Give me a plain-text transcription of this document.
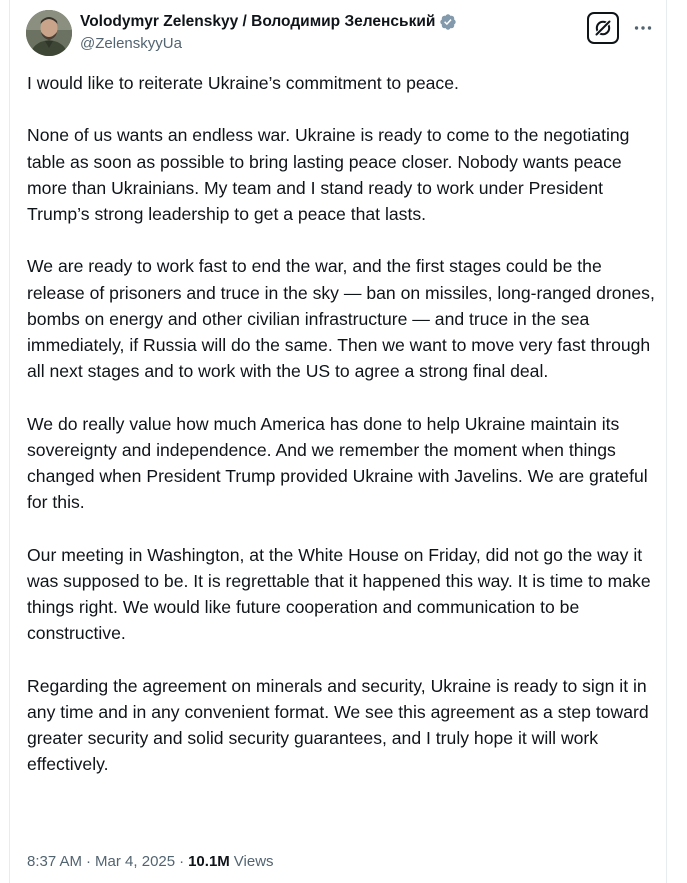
Volodymyr Zelenskyy / Володимир Зеленський
@ZelenskyyUa

I would like to reiterate Ukraine’s commitment to peace.

None of us wants an endless war. Ukraine is ready to come to the negotiating table as soon as possible to bring lasting peace closer. Nobody wants peace more than Ukrainians. My team and I stand ready to work under President Trump’s strong leadership to get a peace that lasts.

We are ready to work fast to end the war, and the first stages could be the release of prisoners and truce in the sky — ban on missiles, long-ranged drones, bombs on energy and other civilian infrastructure — and truce in the sea immediately, if Russia will do the same. Then we want to move very fast through all next stages and to work with the US to agree a strong final deal.

We do really value how much America has done to help Ukraine maintain its sovereignty and independence. And we remember the moment when things changed when President Trump provided Ukraine with Javelins. We are grateful for this.

Our meeting in Washington, at the White House on Friday, did not go the way it was supposed to be. It is regrettable that it happened this way. It is time to make things right. We would like future cooperation and communication to be constructive.

Regarding the agreement on minerals and security, Ukraine is ready to sign it in any time and in any convenient format. We see this agreement as a step toward greater security and solid security guarantees, and I truly hope it will work effectively.

8:37 AM · Mar 4, 2025 · 10.1M Views
